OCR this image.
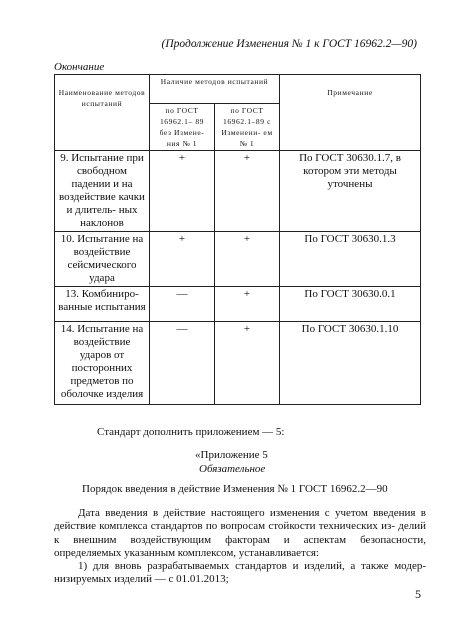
(Продолжение Изменения № 1 к ГОСТ 16962.2—90)
Окончание
Наименование методов испытаний	Наличие методов испытаний		Примечание
	по ГОСТ 16962.1– 89 без Измене- ния № 1	по ГОСТ 16962.1–89 с Изменени- ем № 1	
9. Испытание при свободном падении и на воздействие качки и длитель- ных наклонов	+	+	По ГОСТ 30630.1.7, в котором эти методы уточнены
10. Испытание на воздействие сейсмического удара	+	+	По ГОСТ 30630.1.3
13. Комбиниро- ванные испытания	—	+	По ГОСТ 30630.0.1
14. Испытание на воздействие ударов от посторонних предметов по оболочке изделия	—	+	По ГОСТ 30630.1.10
Стандарт дополнить приложением — 5:
«Приложение 5
Обязательное
Порядок введения в действие Изменения № 1 ГОСТ 16962.2—90
Дата введения в действие настоящего изменения с учетом введения в действие комплекса стандартов по вопросам стойкости технических из- делий к внешним воздействующим факторам и аспектам безопасности, определяемых указанным комплексом, устанавливается:
1) для вновь разрабатываемых стандартов и изделий, а также модер- низируемых изделий — с 01.01.2013;
5
